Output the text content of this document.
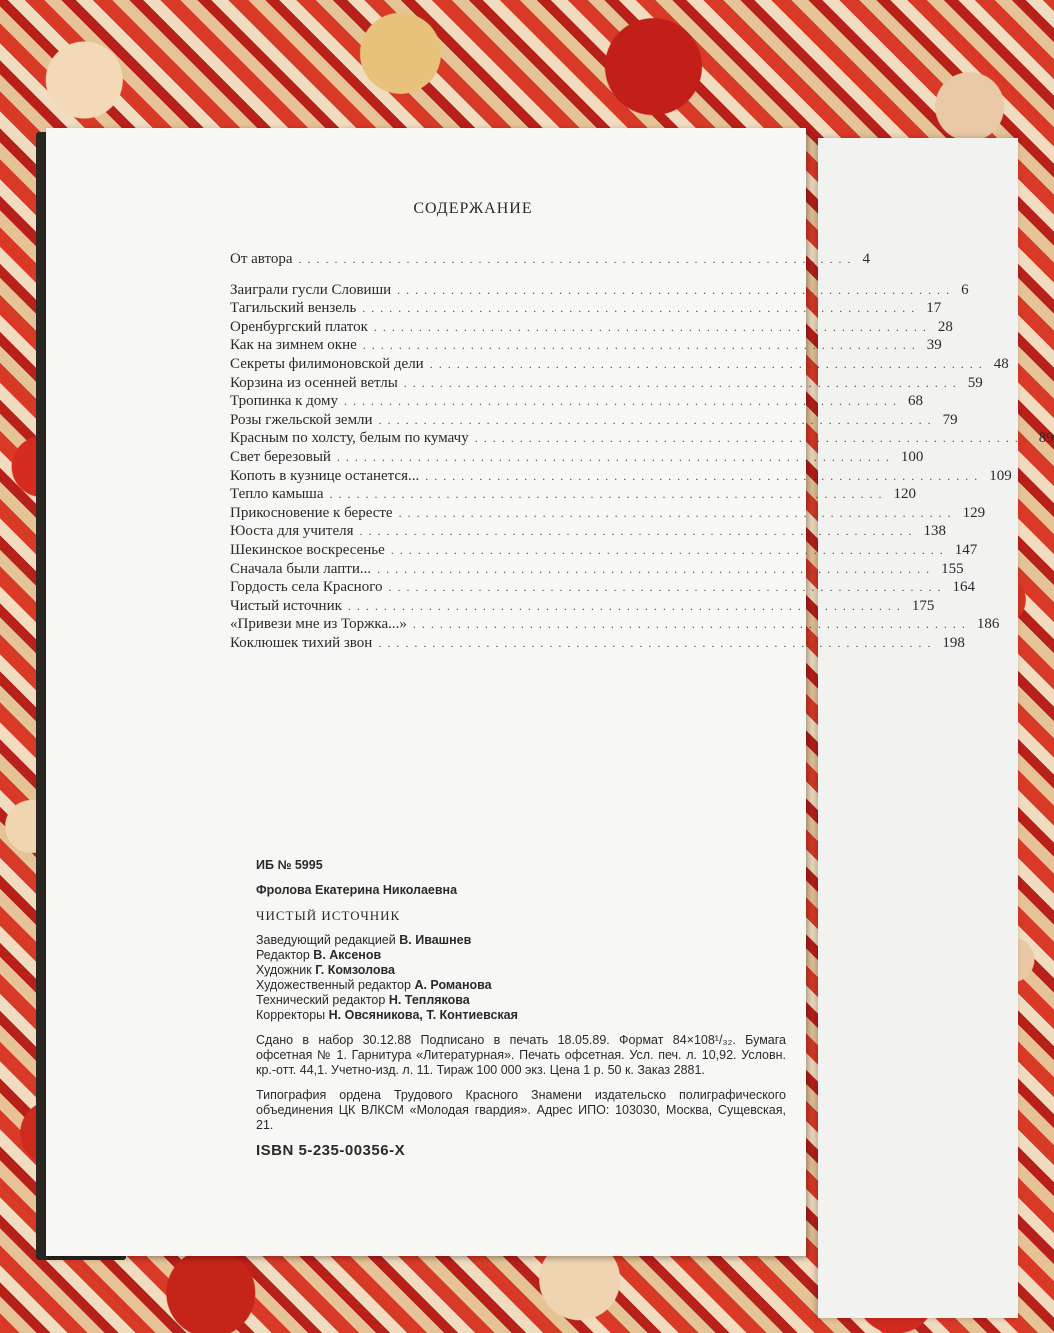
СОДЕРЖАНИЕ
От автора .............................................................. 4
Заиграли гусли Словиши .............................................................. 6
Тагильский вензель .............................................................. 17
Оренбургский платок .............................................................. 28
Как на зимнем окне .............................................................. 39
Секреты филимоновской дели .............................................................. 48
Корзина из осенней ветлы .............................................................. 59
Тропинка к дому .............................................................. 68
Розы гжельской земли .............................................................. 79
Красным по холсту, белым по кумачу .............................................................. 89
Свет березовый .............................................................. 100
Копоть в кузнице останется... .............................................................. 109
Тепло камыша .............................................................. 120
Прикосновение к бересте .............................................................. 129
Юоста для учителя .............................................................. 138
Шекинское воскресенье .............................................................. 147
Сначала были лапти... .............................................................. 155
Гордость села Красного .............................................................. 164
Чистый источник .............................................................. 175
«Привези мне из Торжка...» .............................................................. 186
Коклюшек тихий звон .............................................................. 198
ИБ № 5995
Фролова Екатерина Николаевна
ЧИСТЫЙ ИСТОЧНИК
Заведующий редакцией В. Ивашнев
Редактор В. Аксенов
Художник Г. Комзолова
Художественный редактор А. Романова
Технический редактор Н. Теплякова
Корректоры Н. Овсяникова, Т. Контиевская
Сдано в набор 30.12.88 Подписано в печать 18.05.89. Формат 84×108¹/₃₂. Бумага офсетная № 1. Гарнитура «Литературная». Печать офсетная. Усл. печ. л. 10,92. Условн. кр.-отт. 44,1. Учетно-изд. л. 11. Тираж 100 000 экз. Цена 1 р. 50 к. Заказ 2881.
Типография ордена Трудового Красного Знамени издательско полиграфического объединения ЦК ВЛКСМ «Молодая гвардия». Адрес ИПО: 103030, Москва, Сущевская, 21.
ISBN 5-235-00356-X
